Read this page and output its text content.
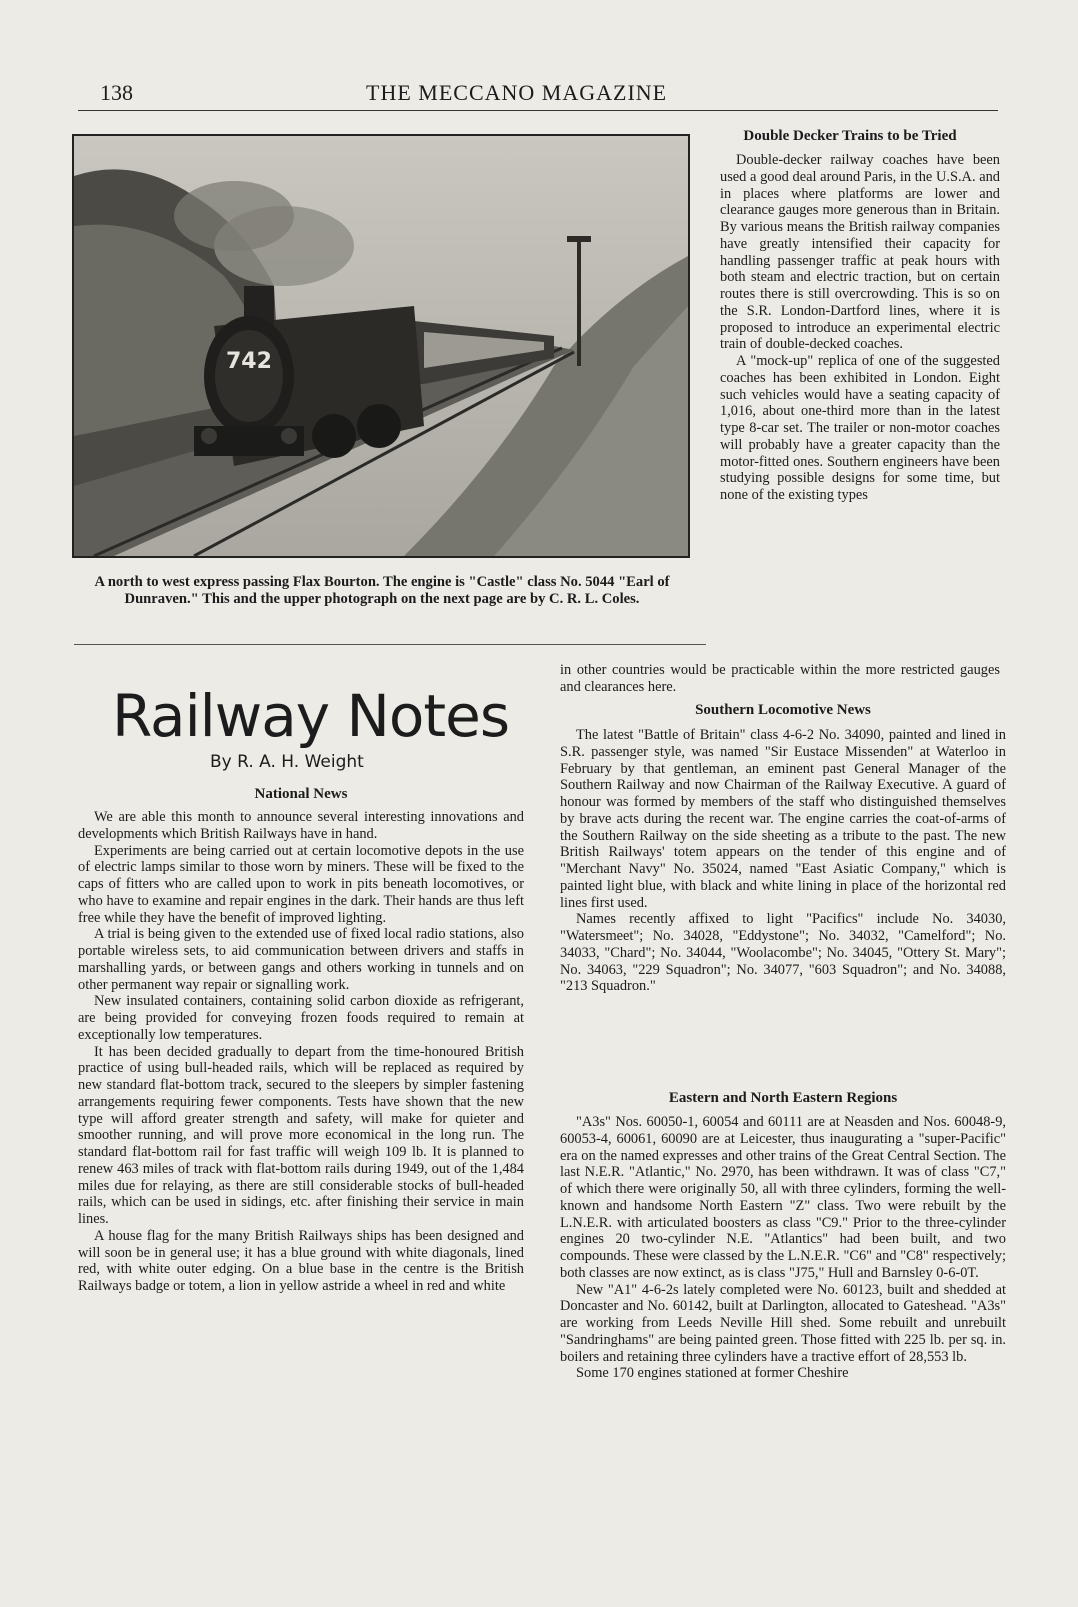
138	THE MECCANO MAGAZINE
742
A north to west express passing Flax Bourton. The engine is "Castle" class No. 5044 "Earl of Dunraven." This and the upper photograph on the next page are by C. R. L. Coles.
Double Decker Trains to be Tried

Double-decker railway coaches have been used a good deal around Paris, in the U.S.A. and in places where platforms are lower and clearance gauges more generous than in Britain. By various means the British railway companies have greatly intensified their capacity for handling passenger traffic at peak hours with both steam and electric traction, but on certain routes there is still overcrowding. This is so on the S.R. London-Dartford lines, where it is proposed to introduce an experimental electric train of double-decked coaches.

A "mock-up" replica of one of the suggested coaches has been exhibited in London. Eight such vehicles would have a seating capacity of 1,016, about one-third more than in the latest type 8-car set. The trailer or non-motor coaches will probably have a greater capacity than the motor-fitted ones. Southern engineers have been studying possible designs for some time, but none of the existing types

in other countries would be practicable within the more restricted gauges and clearances here.
Railway Notes
By R. A. H. Weight
National News

We are able this month to announce several interesting innovations and developments which British Railways have in hand.

Experiments are being carried out at certain locomotive depots in the use of electric lamps similar to those worn by miners. These will be fixed to the caps of fitters who are called upon to work in pits beneath locomotives, or who have to examine and repair engines in the dark. Their hands are thus left free while they have the benefit of improved lighting.

A trial is being given to the extended use of fixed local radio stations, also portable wireless sets, to aid communication between drivers and staffs in marshalling yards, or between gangs and others working in tunnels and on other permanent way repair or signalling work.

New insulated containers, containing solid carbon dioxide as refrigerant, are being provided for conveying frozen foods required to remain at exceptionally low temperatures.

It has been decided gradually to depart from the time-honoured British practice of using bull-headed rails, which will be replaced as required by new standard flat-bottom track, secured to the sleepers by simpler fastening arrangements requiring fewer components. Tests have shown that the new type will afford greater strength and safety, will make for quieter and smoother running, and will prove more economical in the long run. The standard flat-bottom rail for fast traffic will weigh 109 lb. It is planned to renew 463 miles of track with flat-bottom rails during 1949, out of the 1,484 miles due for relaying, as there are still considerable stocks of bull-headed rails, which can be used in sidings, etc. after finishing their service in main lines.

A house flag for the many British Railways ships has been designed and will soon be in general use; it has a blue ground with white diagonals, lined red, with white outer edging. On a blue base in the centre is the British Railways badge or totem, a lion in yellow astride a wheel in red and white

Southern Locomotive News

The latest "Battle of Britain" class 4-6-2 No. 34090, painted and lined in S.R. passenger style, was named "Sir Eustace Missenden" at Waterloo in February by that gentleman, an eminent past General Manager of the Southern Railway and now Chairman of the Railway Executive. A guard of honour was formed by members of the staff who distinguished themselves by brave acts during the recent war. The engine carries the coat-of-arms of the Southern Railway on the side sheeting as a tribute to the past. The new British Railways' totem appears on the tender of this engine and of "Merchant Navy" No. 35024, named "East Asiatic Company," which is painted light blue, with black and white lining in place of the horizontal red lines first used.

Names recently affixed to light "Pacifics" include No. 34030, "Watersmeet"; No. 34028, "Eddystone"; No. 34032, "Camelford"; No. 34033, "Chard"; No. 34044, "Woolacombe"; No. 34045, "Ottery St. Mary"; No. 34063, "229 Squadron"; No. 34077, "603 Squadron"; and No. 34088, "213 Squadron."

Eastern and North Eastern Regions

"A3s" Nos. 60050-1, 60054 and 60111 are at Neasden and Nos. 60048-9, 60053-4, 60061, 60090 are at Leicester, thus inaugurating a "super-Pacific" era on the named expresses and other trains of the Great Central Section. The last N.E.R. "Atlantic," No. 2970, has been withdrawn. It was of class "C7," of which there were originally 50, all with three cylinders, forming the well-known and handsome North Eastern "Z" class. Two were rebuilt by the L.N.E.R. with articulated boosters as class "C9." Prior to the three-cylinder engines 20 two-cylinder N.E. "Atlantics" had been built, and two compounds. These were classed by the L.N.E.R. "C6" and "C8" respectively; both classes are now extinct, as is class "J75," Hull and Barnsley 0-6-0T.

New "A1" 4-6-2s lately completed were No. 60123, built and shedded at Doncaster and No. 60142, built at Darlington, allocated to Gateshead. "A3s" are working from Leeds Neville Hill shed. Some rebuilt and unrebuilt "Sandringhams" are being painted green. Those fitted with 225 lb. per sq. in. boilers and retaining three cylinders have a tractive effort of 28,553 lb.

Some 170 engines stationed at former Cheshire
